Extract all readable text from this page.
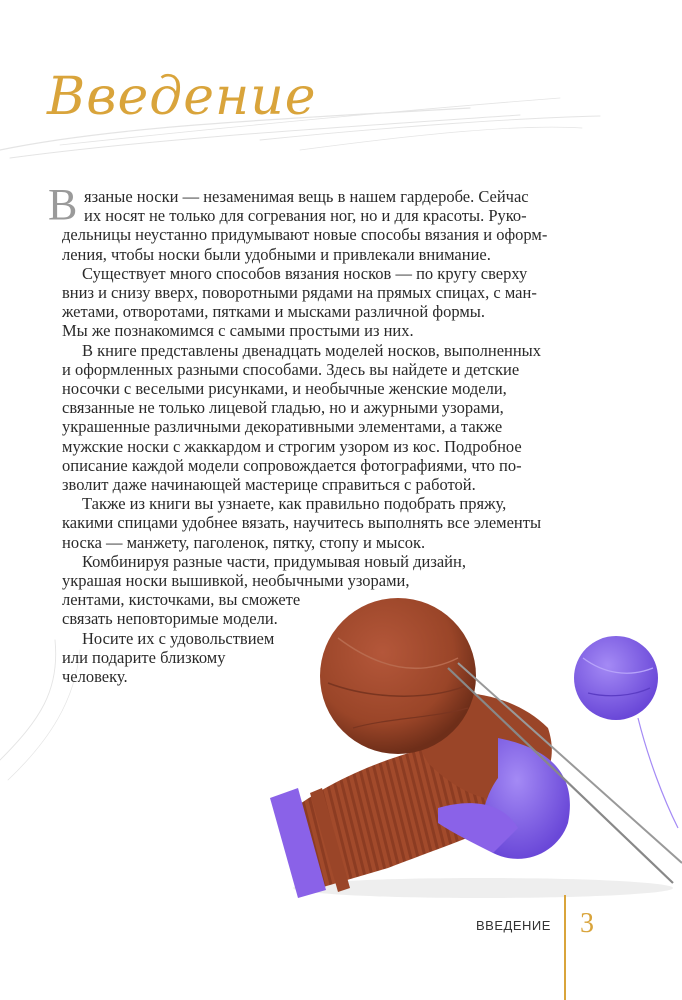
Введение
В язаные носки — незаменимая вещь в нашем гардеробе. Сейчас
их носят не только для согревания ног, но и для красоты. Руко-
дельницы неустанно придумывают новые способы вязания и оформ-
ления, чтобы носки были удобными и привлекали внимание.
Существует много способов вязания носков — по кругу сверху
вниз и снизу вверх, поворотными рядами на прямых спицах, с ман-
жетами, отворотами, пятками и мысками различной формы.
Мы же познакомимся с самыми простыми из них.
В книге представлены двенадцать моделей носков, выполненных
и оформленных разными способами. Здесь вы найдете и детские
носочки с веселыми рисунками, и необычные женские модели,
связанные не только лицевой гладью, но и ажурными узорами,
украшенные различными декоративными элементами, а также
мужские носки с жаккардом и строгим узором из кос. Подробное
описание каждой модели сопровождается фотографиями, что по-
зволит даже начинающей мастерице справиться с работой.
Также из книги вы узнаете, как правильно подобрать пряжу,
какими спицами удобнее вязать, научитесь выполнять все элементы
носка — манжету, паголенок, пятку, стопу и мысок.
Комбинируя разные части, придумывая новый дизайн,
украшая носки вышивкой, необычными узорами,
лентами, кисточками, вы сможете
связать неповторимые модели.
Носите их с удовольствием
или подарите близкому
человеку.
ВВЕДЕНИЕ 3
